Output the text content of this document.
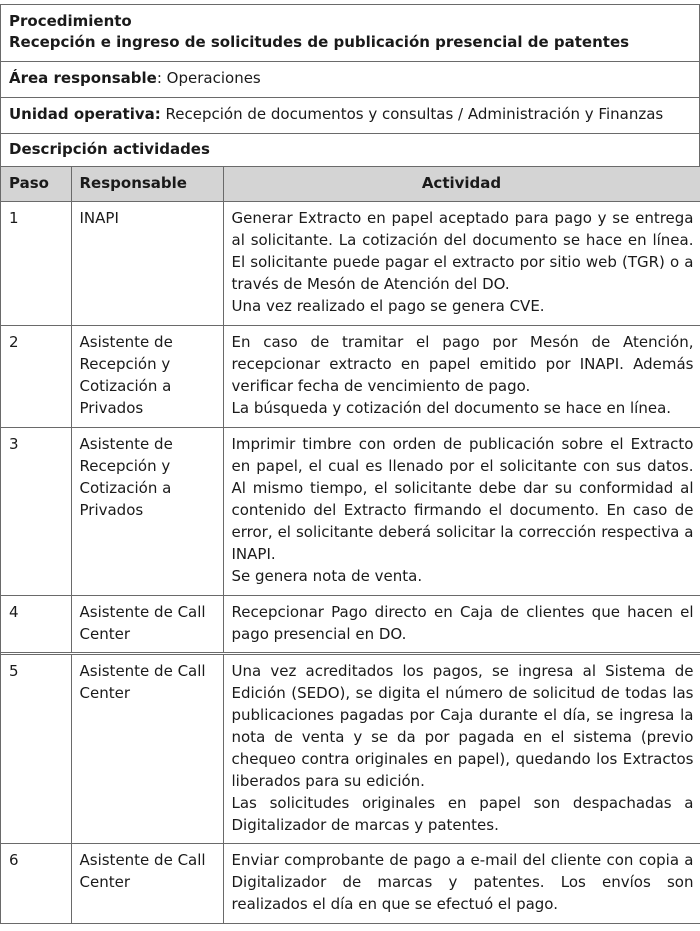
Procedimiento
Recepción e ingreso de solicitudes de publicación presencial de patentes
Área responsable: Operaciones
Unidad operativa: Recepción de documentos y consultas / Administración y Finanzas
Descripción actividades
Paso	Responsable	Actividad
1	INAPI	Generar Extracto en papel aceptado para pago y se entrega al solicitante. La cotización del documento se hace en línea. El solicitante puede pagar el extracto por sitio web (TGR) o a través de Mesón de Atención del DO.
Una vez realizado el pago se genera CVE.

2	Asistente de Recepción y Cotización a Privados	En caso de tramitar el pago por Mesón de Atención, recepcionar extracto en papel emitido por INAPI. Además verificar fecha de vencimiento de pago.
La búsqueda y cotización del documento se hace en línea.

3	Asistente de Recepción y Cotización a Privados	Imprimir timbre con orden de publicación sobre el Extracto en papel, el cual es llenado por el solicitante con sus datos. Al mismo tiempo, el solicitante debe dar su conformidad al contenido del Extracto firmando el documento. En caso de error, el solicitante deberá solicitar la corrección respectiva a INAPI.
Se genera nota de venta.

4	Asistente de Call Center	Recepcionar Pago directo en Caja de clientes que hacen el pago presencial en DO.

5	Asistente de Call Center	Una vez acreditados los pagos, se ingresa al Sistema de Edición (SEDO), se digita el número de solicitud de todas las publicaciones pagadas por Caja durante el día, se ingresa la nota de venta y se da por pagada en el sistema (previo chequeo contra originales en papel), quedando los Extractos liberados para su edición.
Las solicitudes originales en papel son despachadas a Digitalizador de marcas y patentes.

6	Asistente de Call Center	Enviar comprobante de pago a e-mail del cliente con copia a Digitalizador de marcas y patentes. Los envíos son realizados el día en que se efectuó el pago.
